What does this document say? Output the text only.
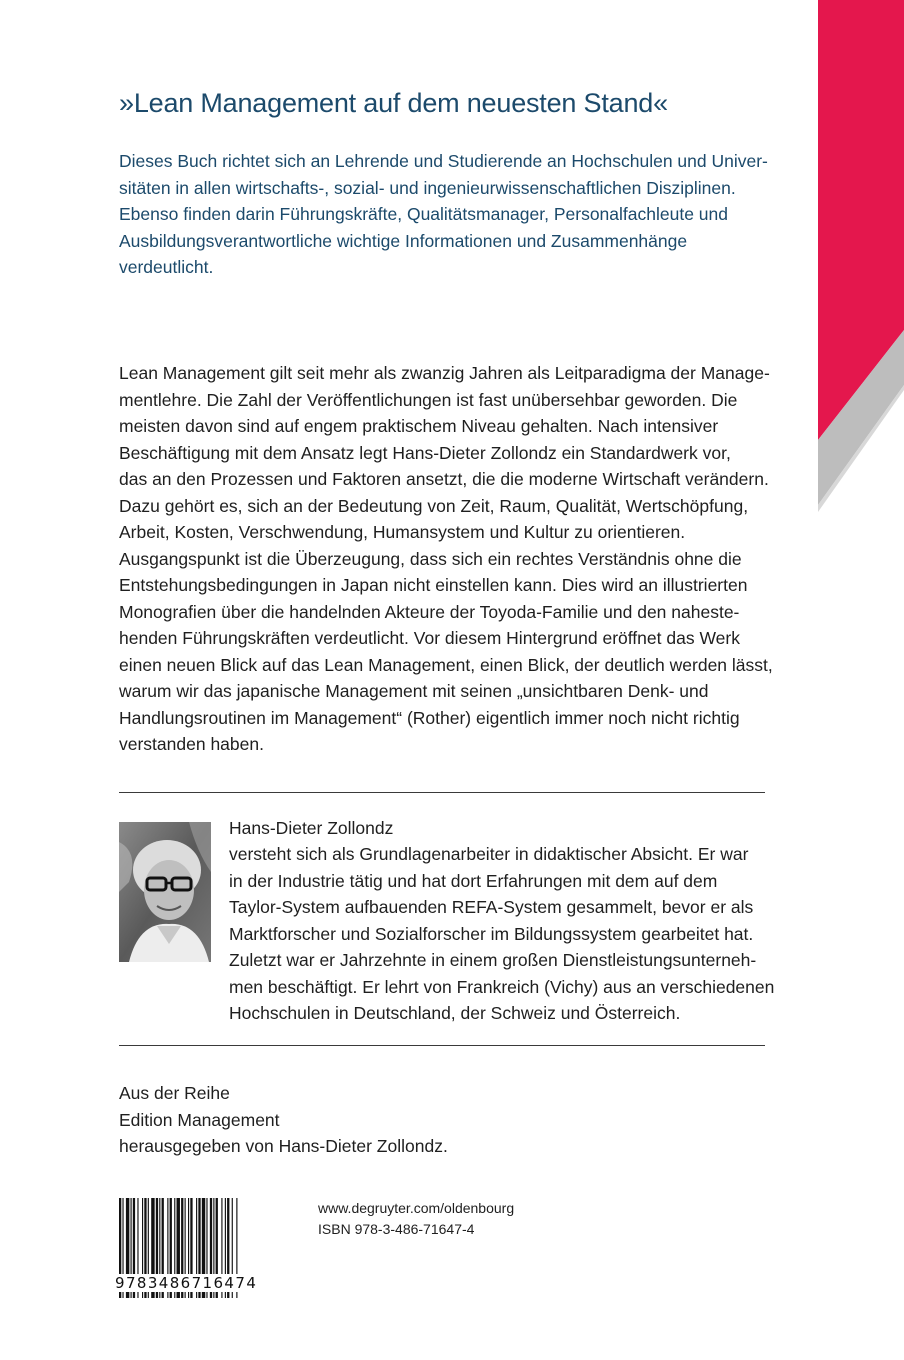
»Lean Management auf dem neuesten Stand«

Dieses Buch richtet sich an Lehrende und Studierende an Hochschulen und Univer-
sitäten in allen wirtschafts-, sozial- und ingenieurwissenschaftlichen Disziplinen.
Ebenso finden darin Führungskräfte, Qualitätsmanager, Personalfachleute und
Ausbildungsverantwortliche wichtige Informationen und Zusammenhänge
verdeutlicht.

Lean Management gilt seit mehr als zwanzig Jahren als Leitparadigma der Manage-
mentlehre. Die Zahl der Veröffentlichungen ist fast unübersehbar geworden. Die
meisten davon sind auf engem praktischem Niveau gehalten. Nach intensiver
Beschäftigung mit dem Ansatz legt Hans-Dieter Zollondz ein Standardwerk vor,
das an den Prozessen und Faktoren ansetzt, die die moderne Wirtschaft verändern.
Dazu gehört es, sich an der Bedeutung von Zeit, Raum, Qualität, Wertschöpfung,
Arbeit, Kosten, Verschwendung, Humansystem und Kultur zu orientieren.
Ausgangspunkt ist die Überzeugung, dass sich ein rechtes Verständnis ohne die
Entstehungsbedingungen in Japan nicht einstellen kann. Dies wird an illustrierten
Monografien über die handelnden Akteure der Toyoda-Familie und den naheste-
henden Führungskräften verdeutlicht. Vor diesem Hintergrund eröffnet das Werk
einen neuen Blick auf das Lean Management, einen Blick, der deutlich werden lässt,
warum wir das japanische Management mit seinen „unsichtbaren Denk- und
Handlungsroutinen im Management“ (Rother) eigentlich immer noch nicht richtig
verstanden haben.

Hans-Dieter Zollondz

versteht sich als Grundlagenarbeiter in didaktischer Absicht. Er war
in der Industrie tätig und hat dort Erfahrungen mit dem auf dem
Taylor-System aufbauenden REFA-System gesammelt, bevor er als
Marktforscher und Sozialforscher im Bildungssystem gearbeitet hat.
Zuletzt war er Jahrzehnte in einem großen Dienstleistungsunterneh-
men beschäftigt. Er lehrt von Frankreich (Vichy) aus an verschiedenen
Hochschulen in Deutschland, der Schweiz und Österreich.

Aus der Reihe
Edition Management
herausgegeben von Hans-Dieter Zollondz.

9783486716474
www.degruyter.com/oldenbourg
ISBN 978-3-486-71647-4
